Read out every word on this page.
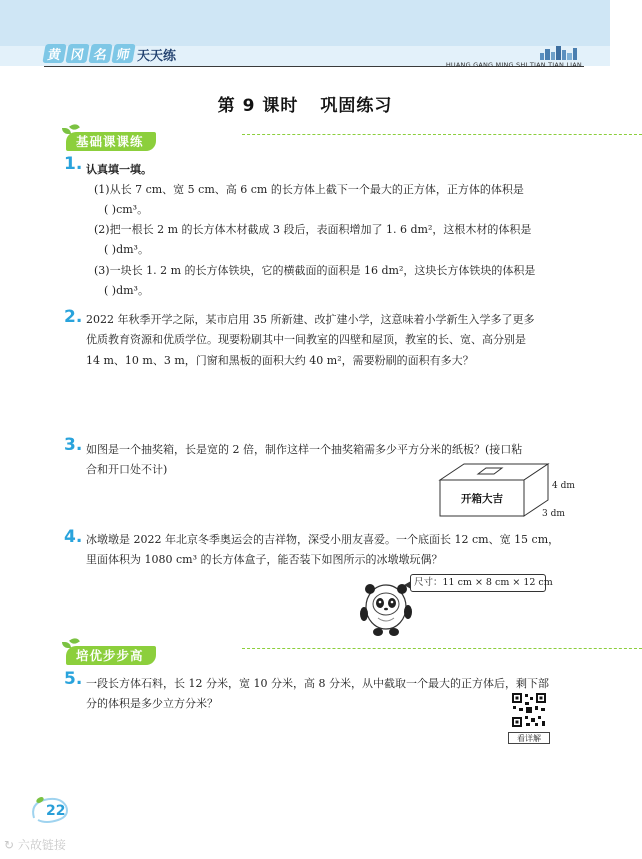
黄 冈 名 师 天天练
HUANG GANG MING SHI TIAN TIAN LIAN
第 9 课时 巩固练习
基础课课练
1 . 认真填一填。
(1)从长 7 cm、宽 5 cm、高 6 cm 的长方体上截下一个最大的正方体，正方体的体积是
( )cm³。
(2)把一根长 2 m 的长方体木材截成 3 段后，表面积增加了 1. 6 dm²，这根木材的体积是
( )dm³。
(3)一块长 1. 2 m 的长方体铁块，它的横截面的面积是 16 dm²，这块长方体铁块的体积是
( )dm³。
2 . 2022 年秋季开学之际，某市启用 35 所新建、改扩建小学，这意味着小学新生入学多了更多
优质教育资源和优质学位。现要粉刷其中一间教室的四壁和屋顶，教室的长、宽、高分别是
14 m、10 m、3 m，门窗和黑板的面积大约 40 m²，需要粉刷的面积有多大？
3 . 如图是一个抽奖箱，长是宽的 2 倍，制作这样一个抽奖箱需多少平方分米的纸板？(接口粘
合和开口处不计)
开箱大吉
4 dm
3 dm
4 . 冰墩墩是 2022 年北京冬季奥运会的吉祥物，深受小朋友喜爱。一个底面长 12 cm、宽 15 cm，
里面体积为 1080 cm³ 的长方体盒子，能否装下如图所示的冰墩墩玩偶？
尺寸：11 cm × 8 cm × 12 cm
培优步步高
5 . 一段长方体石料，长 12 分米，宽 10 分米，高 8 分米，从中截取一个最大的正方体后，剩下部
分的体积是多少立方分米？
看详解
22
↻ 六故链接
